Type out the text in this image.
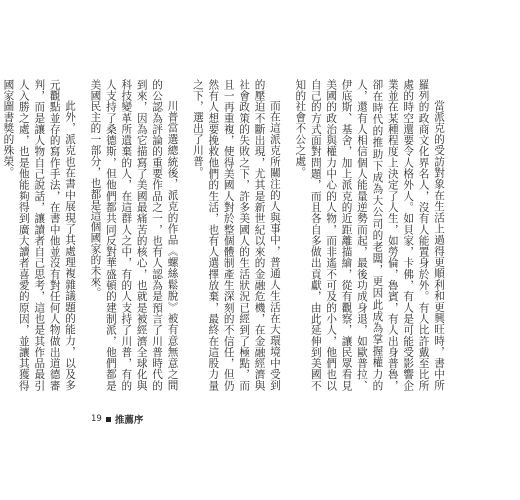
當派克的受訪對象在生活上過得更順利和更興旺時，書中所羅列的政商文化界名人，沒有人能置身於外。有人比許戴至比所處的時空還要令人格外人。如貝家，卡佛，有人是可能受影響企業並在某種程度上決定了人生，如勞倫，魯賓，有人出身普魯，卻在時代的推助下成為大公司的老闆，更因此成為掌握權力的人，還有人相信個人能量逆勢而起，最後功成身退，如歐普拉、伊底斯、基舍，加上派克的近距離描繪，從有觀察，讓民眾看見美國的政治與權力中心的人物，而非遙不可及的小人，他們也以自己的方式面對問題，而且各自多做出貢獻，由此延伸到美國不知的社會不公之處。

而在這派克所關注的人與事中，普通人生活在大環境中受到的壓迫不斷出現，尤其是新世紀以來的金融危機，在金融經濟與社會政策的失敗之下，許多美國人的生活狀況已經到了極點，而且一再重複，使得美國人對於整個體制產生深刻的不信任，但仍然有人想要挽救他們的生活，也有人選擇放棄，最終在這股力量之下，選出了川普。

川普當選總統後，派克的作品《螺絲鬆脫》被有意無意之間的公認為評論的重要作品之一，也有人認為是預言了川普時代的到來，因為它描寫了美國最痛苦的核心，也就是被經濟全球化與科技變革所遺棄的人，在這群人之中，有的人支持了川普，有的人支持了桑德斯，但他們都共同反對華盛頓的建制派，他們都是美國民主的一部分，也都是這個國家的未來。

此外，派克也在書中展現了其處理複雜議題的能力，以及多元觀點並存的寫作手法，在書中他並沒有對任何人物做出道德審判，而是讓人物自己說話，讓讀者自己思考，這也是其作品最引人入勝之處，也是他能夠得到廣大讀者喜愛的原因，並讓其獲得國家圖書獎的殊榮。

19 推薦序
